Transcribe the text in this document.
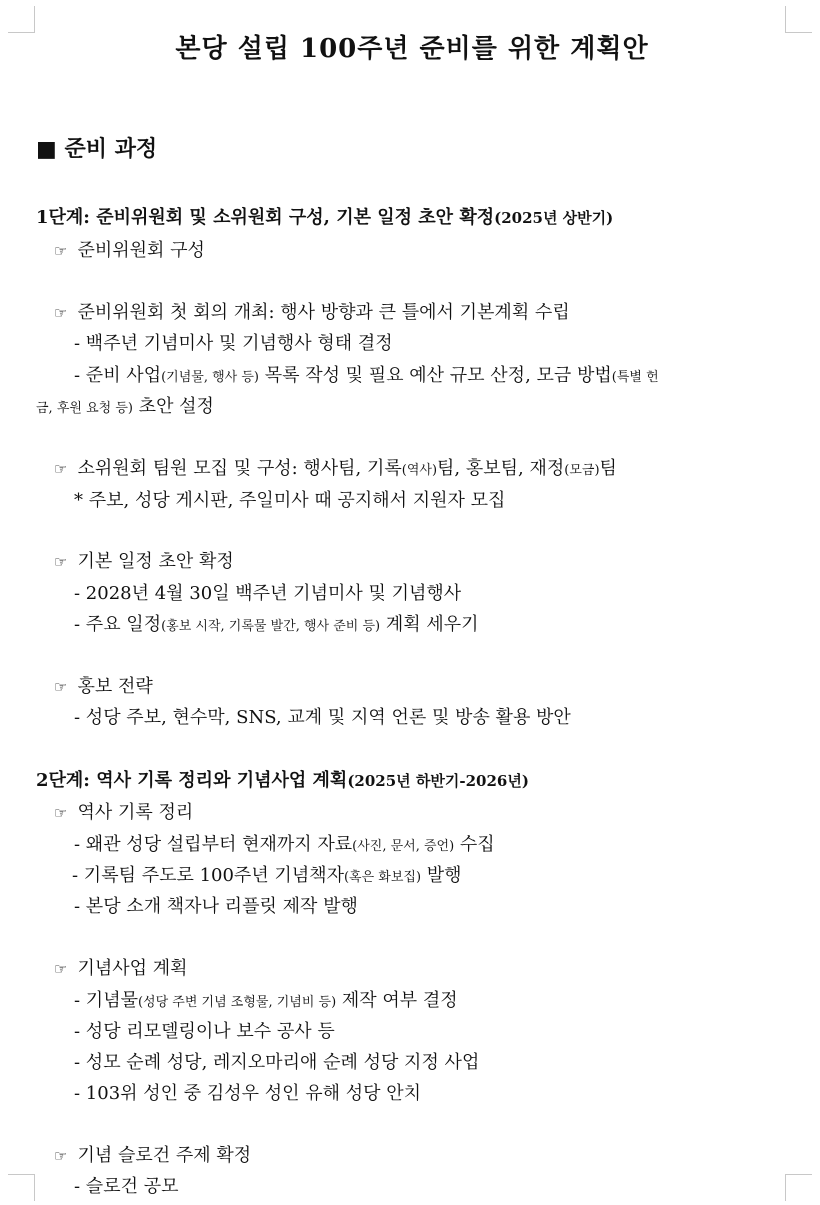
본당 설립 100주년 준비를 위한 계획안
■ 준비 과정
1단계: 준비위원회 및 소위원회 구성, 기본 일정 초안 확정(2025년 상반기)
☞ 준비위원회 구성
☞ 준비위원회 첫 회의 개최: 행사 방향과 큰 틀에서 기본계획 수립
- 백주년 기념미사 및 기념행사 형태 결정
- 준비 사업(기념물, 행사 등) 목록 작성 및 필요 예산 규모 산정, 모금 방법(특별 헌
금, 후원 요청 등) 초안 설정
☞ 소위원회 팀원 모집 및 구성: 행사팀, 기록(역사)팀, 홍보팀, 재정(모금)팀
* 주보, 성당 게시판, 주일미사 때 공지해서 지원자 모집
☞ 기본 일정 초안 확정
- 2028년 4월 30일 백주년 기념미사 및 기념행사
- 주요 일정(홍보 시작, 기록물 발간, 행사 준비 등) 계획 세우기
☞ 홍보 전략
- 성당 주보, 현수막, SNS, 교계 및 지역 언론 및 방송 활용 방안
2단계: 역사 기록 정리와 기념사업 계획(2025년 하반기-2026년)
☞ 역사 기록 정리
- 왜관 성당 설립부터 현재까지 자료(사진, 문서, 증언) 수집
- 기록팀 주도로 100주년 기념책자(혹은 화보집) 발행
- 본당 소개 책자나 리플릿 제작 발행
☞ 기념사업 계획
- 기념물(성당 주변 기념 조형물, 기념비 등) 제작 여부 결정
- 성당 리모델링이나 보수 공사 등
- 성모 순례 성당, 레지오마리애 순례 성당 지정 사업
- 103위 성인 중 김성우 성인 유해 성당 안치
☞ 기념 슬로건 주제 확정
- 슬로건 공모
